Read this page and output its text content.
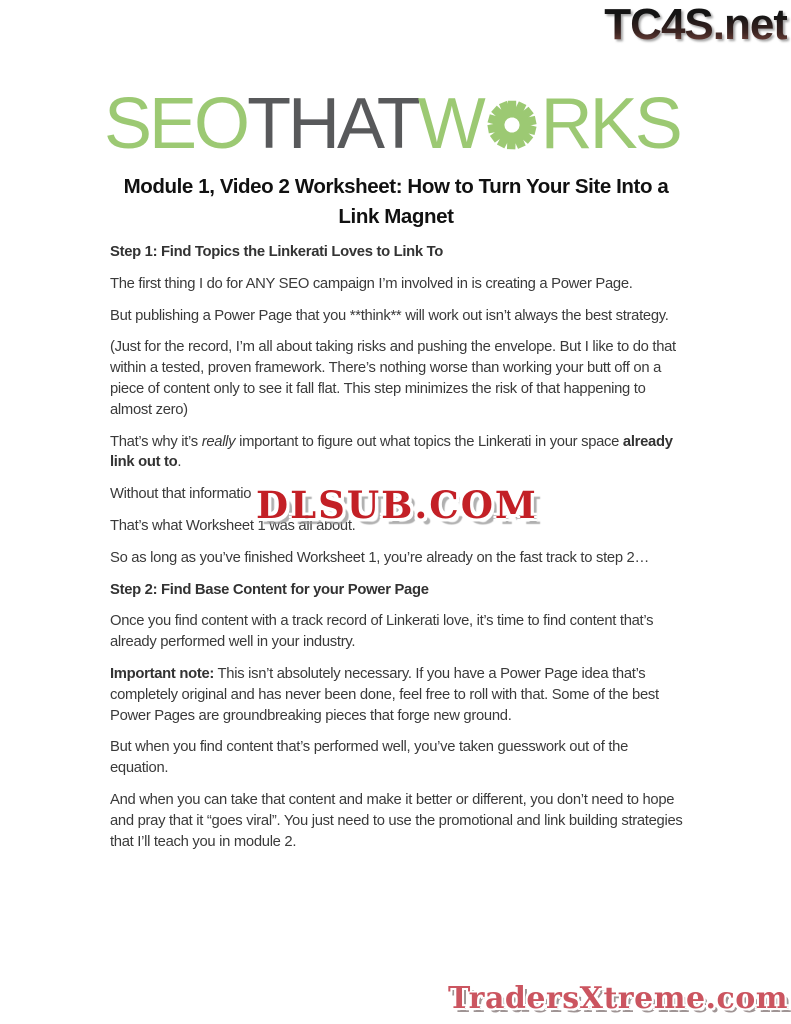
TC4S.net
SEO THAT W RKS
Module 1, Video 2 Worksheet: How to Turn Your Site Into a
Link Magnet

Step 1: Find Topics the Linkerati Loves to Link To

The first thing I do for ANY SEO campaign I’m involved in is creating a Power Page.

But publishing a Power Page that you **think** will work out isn’t always the best strategy.

(Just for the record, I’m all about taking risks and pushing the envelope. But I like to do that within a tested, proven framework. There’s nothing worse than working your butt off on a piece of content only to see it fall flat. This step minimizes the risk of that happening to almost zero)

That’s why it’s really important to figure out what topics the Linkerati in your space already link out to.

Without that informatio

That’s what Worksheet 1 was all about.

So as long as you’ve finished Worksheet 1, you’re already on the fast track to step 2…

Step 2: Find Base Content for your Power Page

Once you find content with a track record of Linkerati love, it’s time to find content that’s already performed well in your industry.

Important note: This isn’t absolutely necessary. If you have a Power Page idea that’s completely original and has never been done, feel free to roll with that. Some of the best Power Pages are groundbreaking pieces that forge new ground.

But when you find content that’s performed well, you’ve taken guesswork out of the equation.

And when you can take that content and make it better or different, you don’t need to hope and pray that it “goes viral”. You just need to use the promotional and link building strategies that I’ll teach you in module 2.

DLSUB.COM
TradersXtreme.com
